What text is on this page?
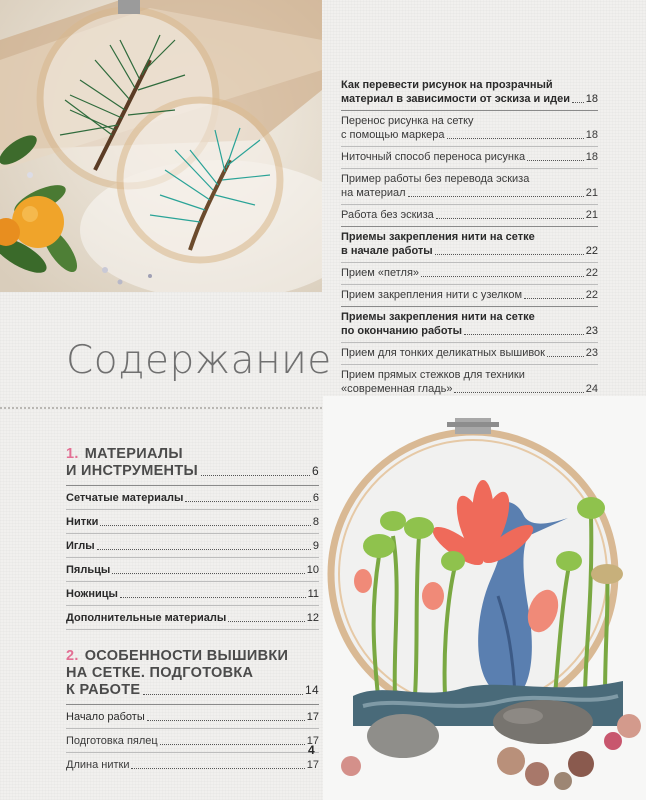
Как перевести рисунок на прозрачный
материал в зависимости от эскиза и идеи 18
Перенос рисунка на сетку
с помощью маркера	18
Ниточный способ переноса рисунка	18
Пример работы без перевода эскиза
на материал	21
Работа без эскиза	21
Приемы закрепления нити на сетке
в начале работы	22
Прием «петля»	22
Прием закрепления нити с узелком	22
Приемы закрепления нити на сетке
по окончанию работы	23
Прием для тонких деликатных вышивок	23
Прием прямых стежков для техники
«современная гладь»	24
Содержание
1. МАТЕРИАЛЫ
И ИНСТРУМЕНТЫ	6
Сетчатые материалы	6
Нитки	8
Иглы	9
Пяльцы	10
Ножницы	11
Дополнительные материалы	12
2. ОСОБЕННОСТИ ВЫШИВКИ
НА СЕТКЕ. ПОДГОТОВКА
К РАБОТЕ	14
Начало работы	17
Подготовка пялец	17
Длина нитки	17
4
